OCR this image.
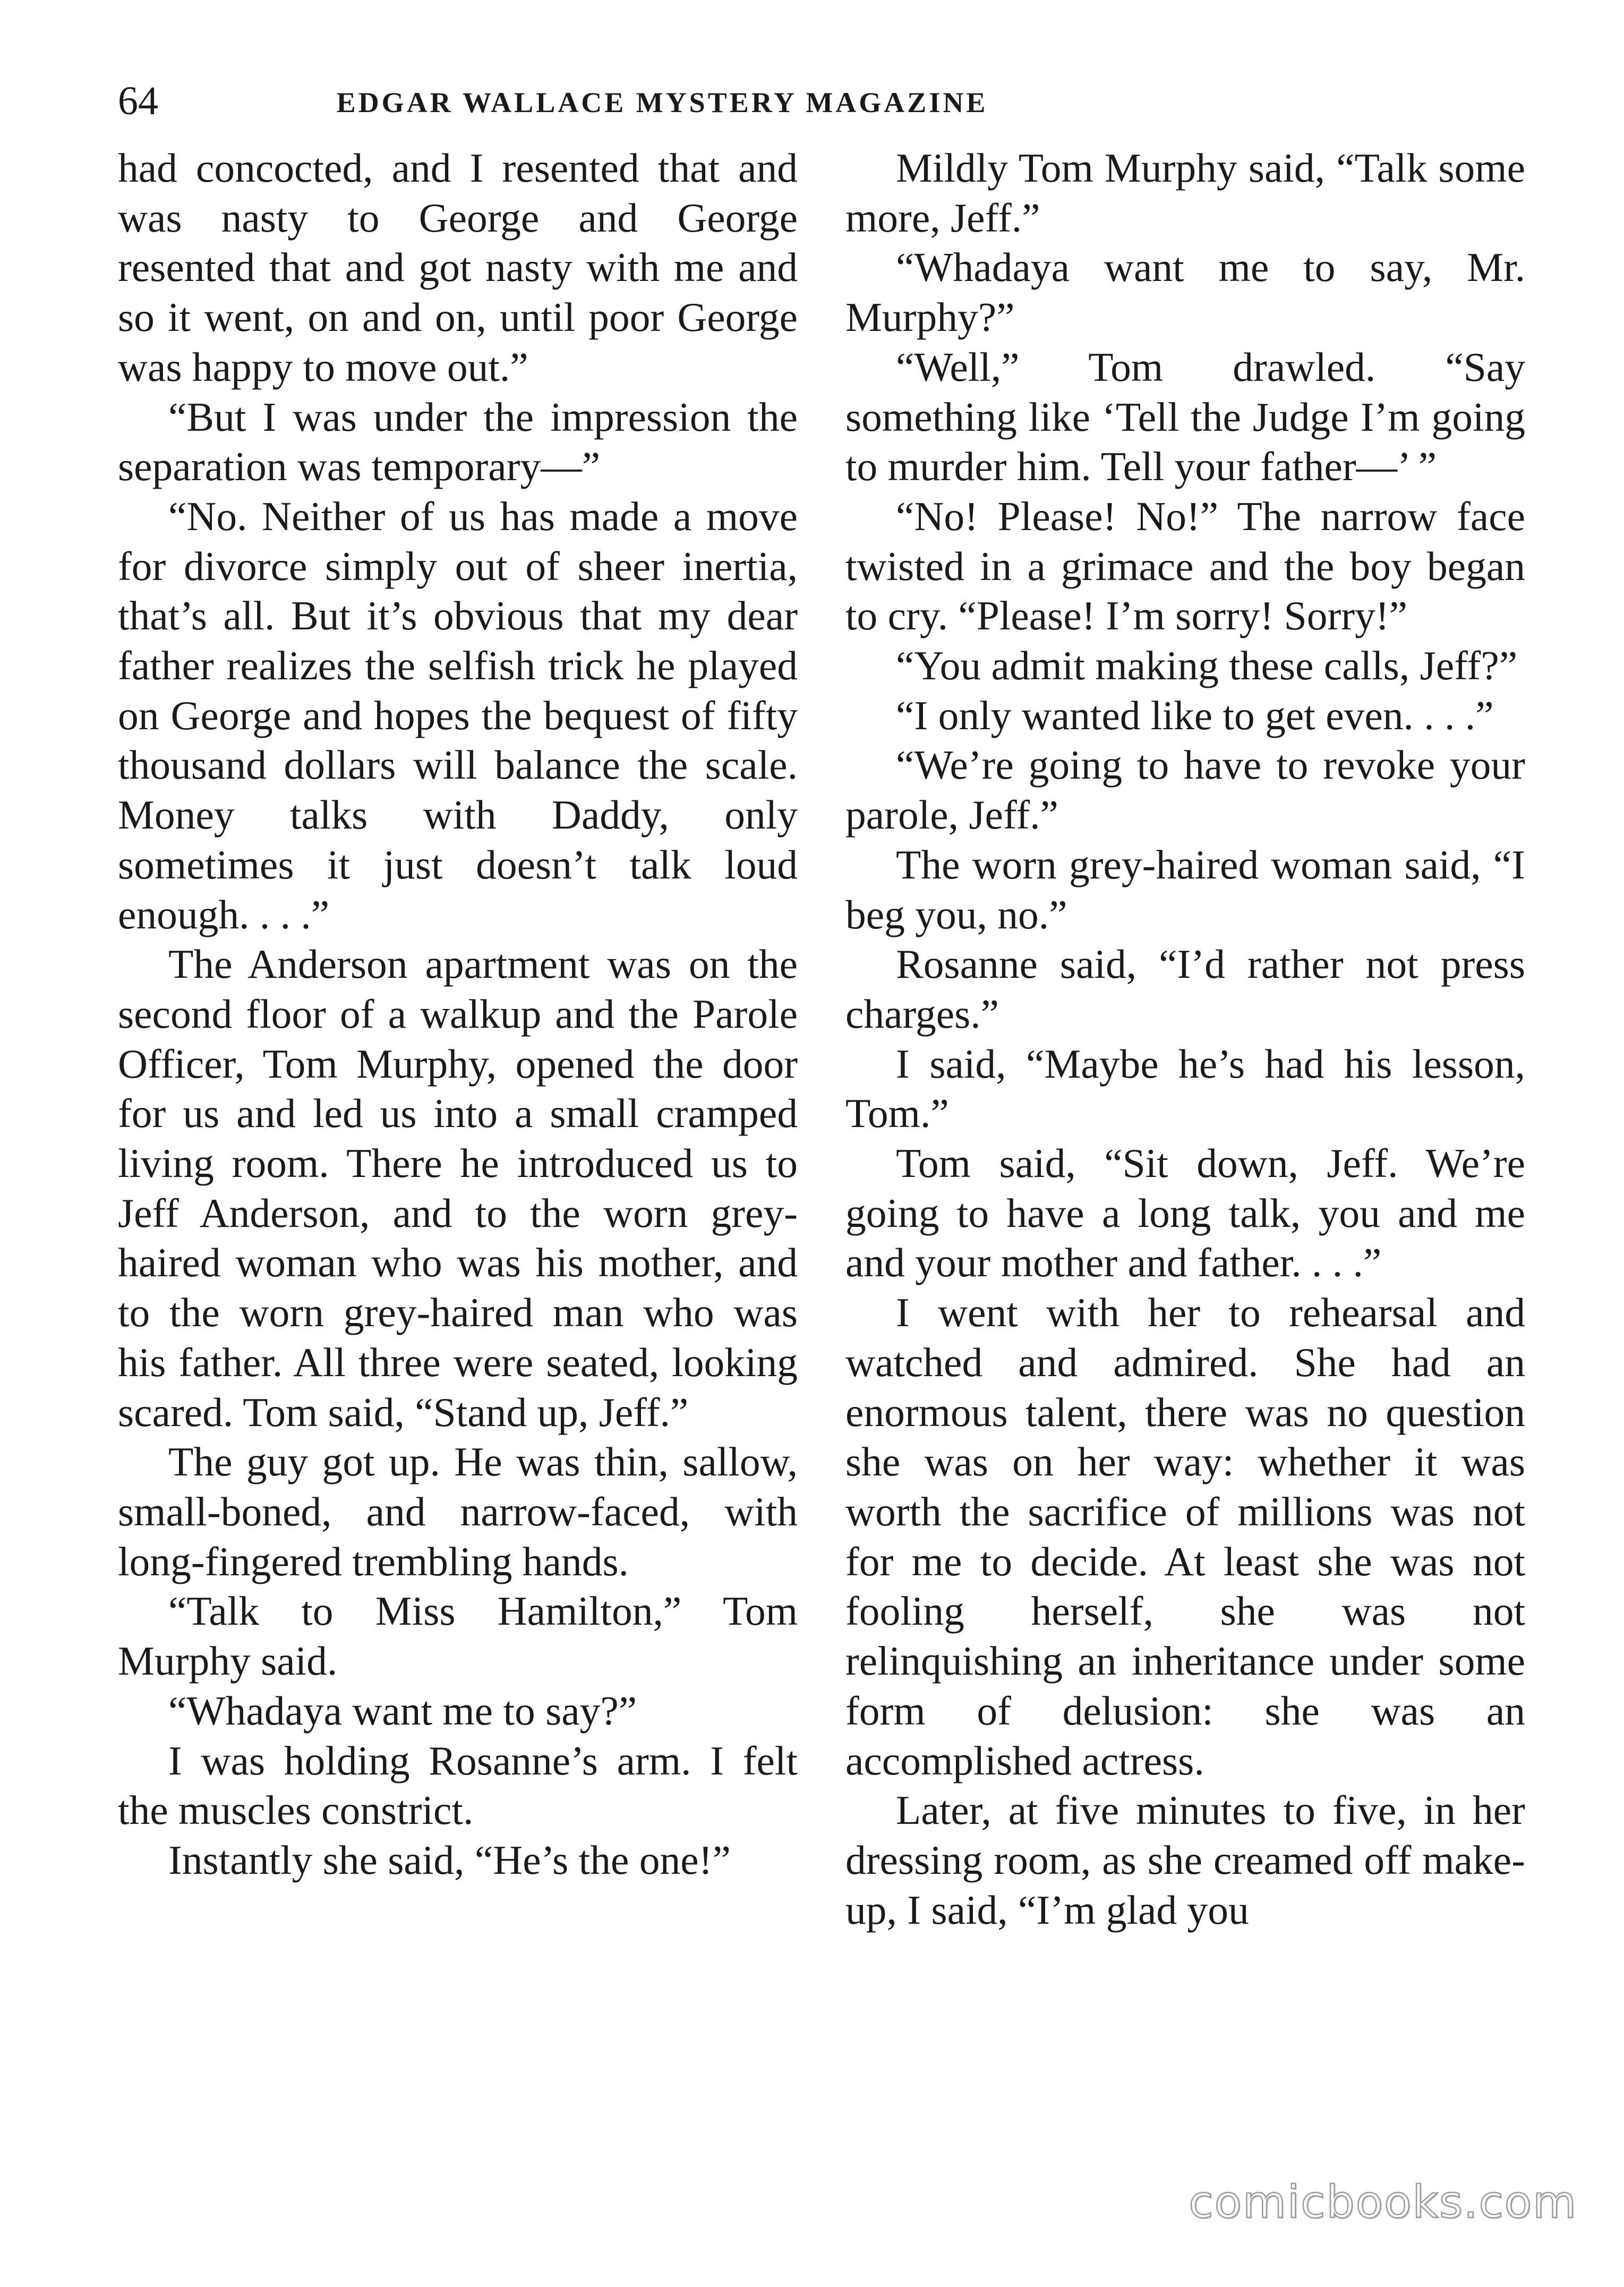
64	EDGAR WALLACE MYSTERY MAGAZINE

had concocted, and I resented that and was nasty to George and George resented that and got nasty with me and so it went, on and on, until poor George was happy to move out.”

“But I was under the impression the separation was temporary—”

“No. Neither of us has made a move for divorce simply out of sheer inertia, that’s all. But it’s obvious that my dear father realizes the selfish trick he played on George and hopes the bequest of fifty thousand dollars will balance the scale. Money talks with Daddy, only sometimes it just doesn’t talk loud enough. . . .”

The Anderson apartment was on the second floor of a walkup and the Parole Officer, Tom Murphy, opened the door for us and led us into a small cramped living room. There he introduced us to Jeff Anderson, and to the worn grey-haired woman who was his mother, and to the worn grey-haired man who was his father. All three were seated, looking scared. Tom said, “Stand up, Jeff.”

The guy got up. He was thin, sallow, small-boned, and narrow-faced, with long-fingered trembling hands.

“Talk to Miss Hamilton,” Tom Murphy said.

“Whadaya want me to say?”

I was holding Rosanne’s arm. I felt the muscles constrict.

Instantly she said, “He’s the one!”

Mildly Tom Murphy said, “Talk some more, Jeff.”

“Whadaya want me to say, Mr. Murphy?”

“Well,” Tom drawled. “Say something like ‘Tell the Judge I’m going to murder him. Tell your father—’ ”

“No! Please! No!” The narrow face twisted in a grimace and the boy began to cry. “Please! I’m sorry! Sorry!”

“You admit making these calls, Jeff?”

“I only wanted like to get even. . . .”

“We’re going to have to revoke your parole, Jeff.”

The worn grey-haired woman said, “I beg you, no.”

Rosanne said, “I’d rather not press charges.”

I said, “Maybe he’s had his lesson, Tom.”

Tom said, “Sit down, Jeff. We’re going to have a long talk, you and me and your mother and father. . . .”

I went with her to rehearsal and watched and admired. She had an enormous talent, there was no question she was on her way: whether it was worth the sacrifice of millions was not for me to decide. At least she was not fooling herself, she was not relinquishing an inheritance under some form of delusion: she was an accomplished actress.

Later, at five minutes to five, in her dressing room, as she creamed off make-up, I said, “I’m glad you

comicbooks.com
